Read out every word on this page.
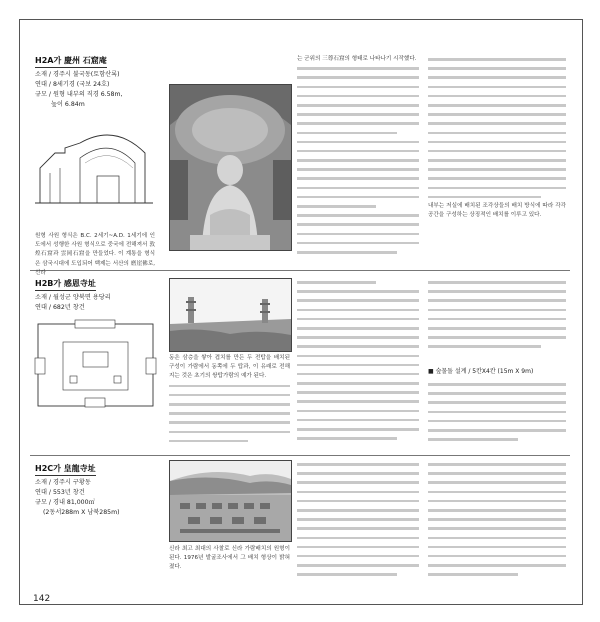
H2A가 慶州 石窟庵
소재 / 경주시 불국동(토함산록)
연대 / 8세기경 (국보 24호)
규모 / 원형 내부의 직경 6.58m,
높이 6.84m
원형 사원 형식은 B.C. 2세기~A.D. 1세기에 인도에서 성행한 사원 형식으로 중국에 전해져서 敦煌石窟과 雲岡石窟을 만들었다. 이 계통을 형식은 삼국시대에 도입되어 백제는 서산의 磨崖佛로, 신라
는 군위의 三尊石窟의 형태로 나타나기 시작했다.
내부는 저실에 배치된 조각상들의 배치 방식에 따라 각각 공간을 구성하는 상징적인 배치를 이루고 있다.
H2B가 感恩寺址
소재 / 월성군 양북면 용당리
연대 / 682년 창건
동은 삼층을 쌓아 겹치를 만든 두 전탑을 배치된 구성이 가람에서 동쪽에 두 탑과, 이 유래로 전해지는 것은 초기의 쌍탑가람의 예가 된다.
■ 숲물돌 설계 / 5칸X4칸 (15m X 9m)
H2C가 皇龍寺址
소재 / 경주시 구황동
연대 / 553년 창건
규모 / 경내 81,000㎡
(2동서288m X 남북285m)
신라 최고 최대의 사찰로 신라 가람배치의 원형이 된다. 1976년 발굴조사에서 그 배치 형상이 밝혀졌다.
142
